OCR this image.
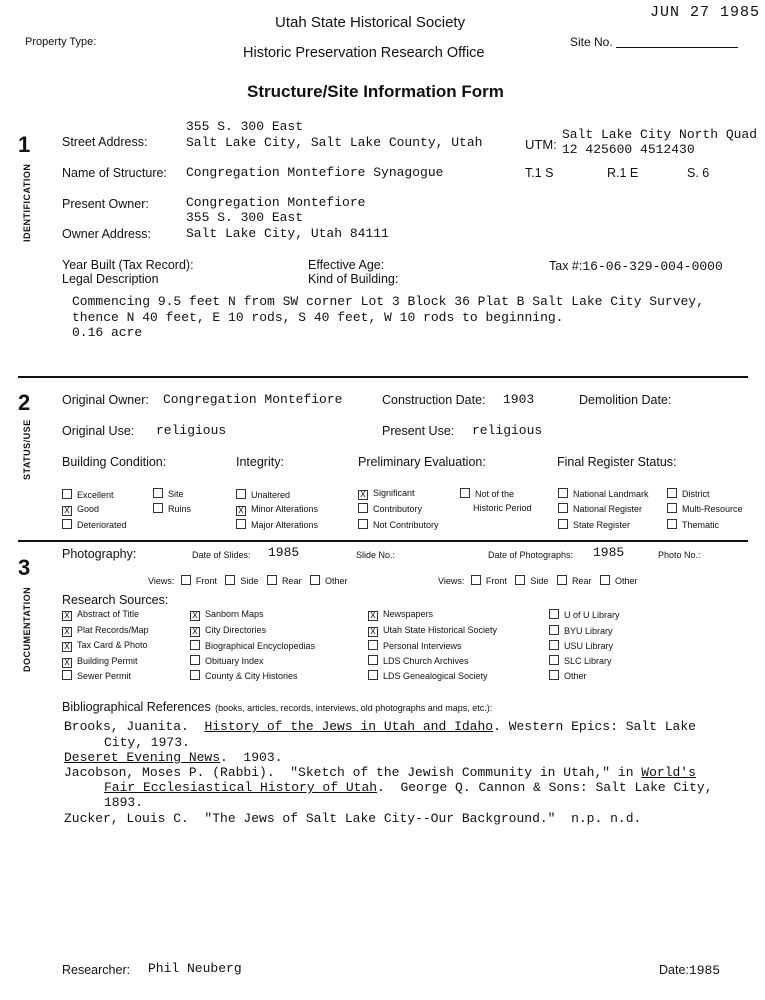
Utah State Historical Society
JUN 27 1985
Property Type:
Historic Preservation Research Office
Site No.
Structure/Site Information Form
1
IDENTIFICATION
Street Address:
355 S. 300 East
Salt Lake City, Salt Lake County, Utah	UTM:
Salt Lake City North Quad
12 425600 4512430
Name of Structure: Congregation Montefiore Synagogue	T.1 S	R.1 E	S. 6
Present Owner:	Congregation Montefiore
355 S. 300 East
Owner Address:	Salt Lake City, Utah 84111
Year Built (Tax Record):	Effective Age:	Tax #:16-06-329-004-0000
Legal Description	Kind of Building:
Commencing 9.5 feet N from SW corner Lot 3 Block 36 Plat B Salt Lake City Survey,
thence N 40 feet, E 10 rods, S 40 feet, W 10 rods to beginning.
0.16 acre
2
STATUS/USE
Original Owner: Congregation Montefiore	Construction Date: 1903	Demolition Date:
Original Use: religious	Present Use: religious
Building Condition:	Integrity:	Preliminary Evaluation:	Final Register Status:
Excellent
X Good
Deteriorated
Site
Ruins
Unaltered
X Minor Alterations
Major Alterations
X Significant
Contributory
Not Contributory
Not of the
Historic Period
National Landmark
National Register
State Register
District
Multi-Resource
Thematic
3
DOCUMENTATION
Photography:	Date of Slides: 1985	Slide No.:	Date of Photographs: 1985	Photo No.:
Views: Front	Side	Rear	Other	Views: Front	Side	Rear	Other
Research Sources:
X Abstract of Title
X Plat Records/Map
X Tax Card & Photo
X Building Permit
Sewer Permit
X Sanborn Maps
X City Directories
Biographical Encyclopedias
Obituary Index
County & City Histories
X Newspapers
X Utah State Historical Society
Personal Interviews
LDS Church Archives
LDS Genealogical Society
U of U Library
BYU Library
USU Library
SLC Library
Other
Bibliographical References (books, articles, records, interviews, old photographs and maps, etc.):
Brooks, Juanita.  History of the Jews in Utah and Idaho. Western Epics: Salt Lake
City, 1973.
Deseret Evening News.  1903.
Jacobson, Moses P. (Rabbi).  "Sketch of the Jewish Community in Utah," in World's
Fair Ecclesiastical History of Utah.  George Q. Cannon & Sons: Salt Lake City,
1893.
Zucker, Louis C.  "The Jews of Salt Lake City--Our Background."  n.p. n.d.
Researcher: Phil Neuberg	Date:1985
